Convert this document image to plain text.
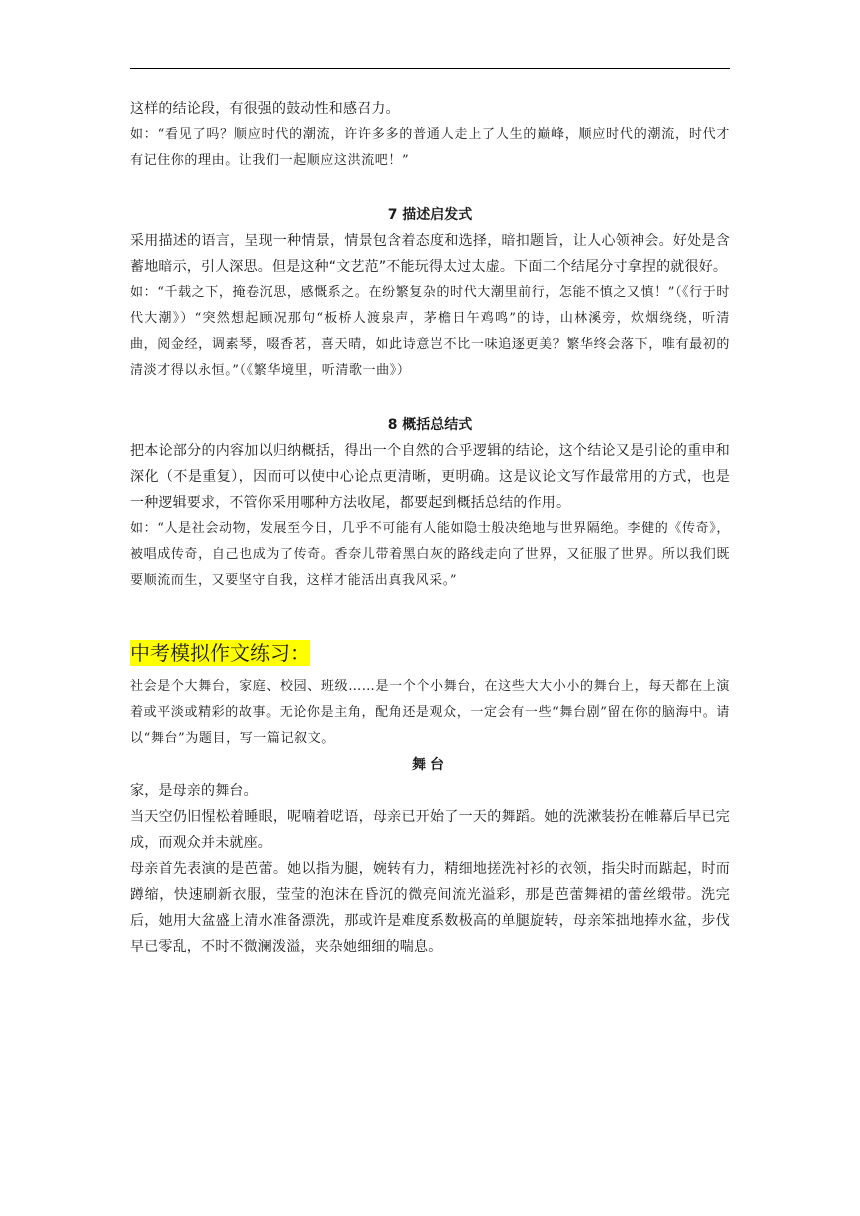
这样的结论段，有很强的鼓动性和感召力。

如：“看见了吗？顺应时代的潮流，许许多多的普通人走上了人生的巅峰，顺应时代的潮流，时代才有记住你的理由。让我们一起顺应这洪流吧！”

7 描述启发式

采用描述的语言，呈现一种情景，情景包含着态度和选择，暗扣题旨，让人心领神会。好处是含蓄地暗示，引人深思。但是这种“文艺范”不能玩得太过太虚。下面二个结尾分寸拿捏的就很好。

如：“千载之下，掩卷沉思，感慨系之。在纷繁复杂的时代大潮里前行，怎能不慎之又慎！”（《行于时代大潮》）“突然想起顾况那句“板桥人渡泉声，茅檐日午鸡鸣”的诗，山林溪旁，炊烟绕绕，听清曲，阅金经，调素琴，啜香茗，喜天晴，如此诗意岂不比一味追逐更美？繁华终会落下，唯有最初的清淡才得以永恒。”（《繁华境里，听清歌一曲》）

8 概括总结式

把本论部分的内容加以归纳概括，得出一个自然的合乎逻辑的结论，这个结论又是引论的重申和深化（不是重复），因而可以使中心论点更清晰，更明确。这是议论文写作最常用的方式，也是一种逻辑要求，不管你采用哪种方法收尾，都要起到概括总结的作用。

如：“人是社会动物，发展至今日，几乎不可能有人能如隐士般决绝地与世界隔绝。李健的《传奇》，被唱成传奇，自己也成为了传奇。香奈儿带着黑白灰的路线走向了世界，又征服了世界。所以我们既要顺流而生，又要坚守自我，这样才能活出真我风采。”

中考模拟作文练习：

社会是个大舞台，家庭、校园、班级……是一个个小舞台，在这些大大小小的舞台上，每天都在上演着或平淡或精彩的故事。无论你是主角，配角还是观众，一定会有一些“舞台剧”留在你的脑海中。请以“舞台”为题目，写一篇记叙文。

舞台

家，是母亲的舞台。

当天空仍旧惺松着睡眼，呢喃着呓语，母亲已开始了一天的舞蹈。她的洗漱装扮在帷幕后早已完成，而观众并未就座。

母亲首先表演的是芭蕾。她以指为腿，婉转有力，精细地搓洗衬衫的衣领，指尖时而踮起，时而蹲缩，快速刷新衣服，莹莹的泡沫在昏沉的微亮间流光溢彩，那是芭蕾舞裙的蕾丝缎带。洗完后，她用大盆盛上清水准备漂洗，那或许是难度系数极高的单腿旋转，母亲笨拙地捧水盆，步伐早已零乱，不时不微澜泼溢，夹杂她细细的喘息。
